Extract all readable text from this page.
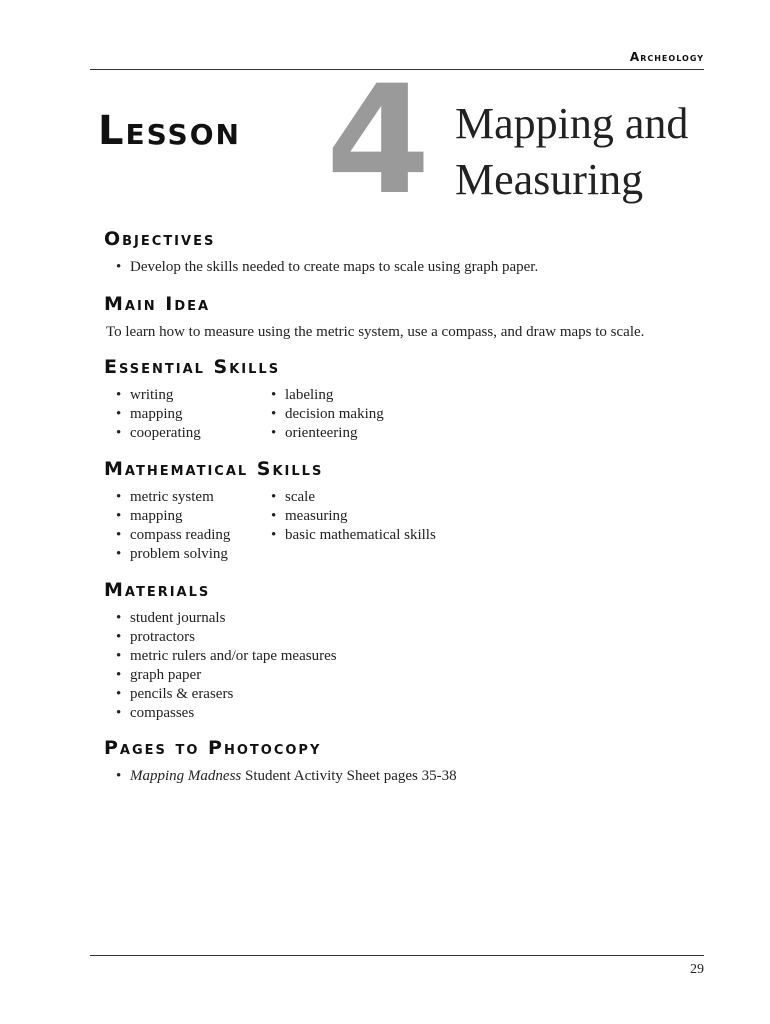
Archeology
Lesson 4 Mapping and
Measuring
Objectives
• Develop the skills needed to create maps to scale using graph paper.
Main Idea

To learn how to measure using the metric system, use a compass, and draw maps to scale.

Essential Skills
• writing
• mapping
• cooperating
• labeling
• decision making
• orienteering
Mathematical Skills
• metric system
• mapping
• compass reading
• problem solving
• scale
• measuring
• basic mathematical skills
Materials
• student journals
• protractors
• metric rulers and/or tape measures
• graph paper
• pencils & erasers
• compasses
Pages to Photocopy
• Mapping Madness Student Activity Sheet pages 35-38
29
